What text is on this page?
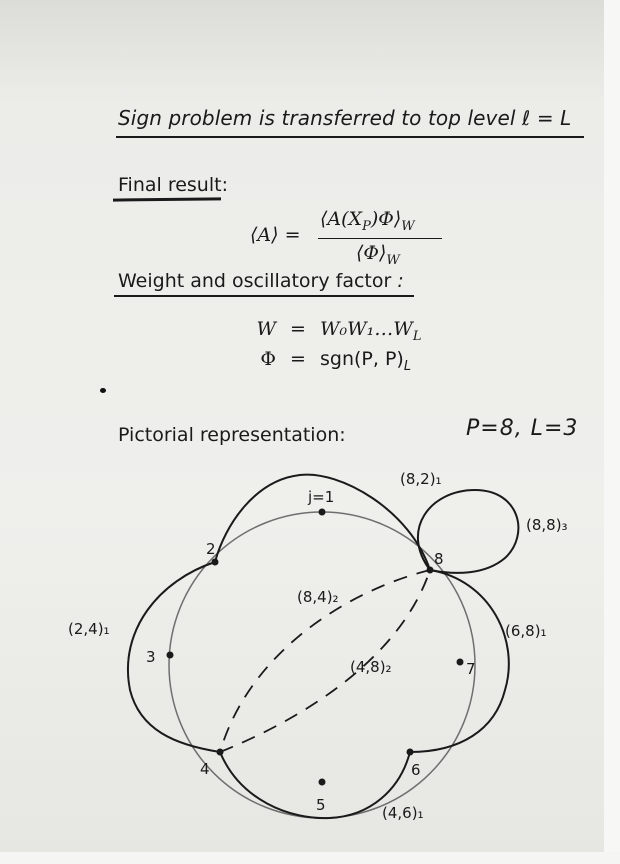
Sign problem is transferred to top level ℓ = L
Final result:
⟨A⟩ =
$⟨A(X_P)\Phi⟩_W$
$⟨\Phi⟩_W$
Weight and oscillatory factor :
$W = W_0W_1\dots W_L$
Φ = sgn(P, $P)_L$
Pictorial representation:	P=8, L=3
j=1
2
3
4
5
6
7
8
(8,2)₁
(8,8)₃
(2,4)₁	(6,8)₁
(8,4)₂
(4,8)₂
(4,6)₁
